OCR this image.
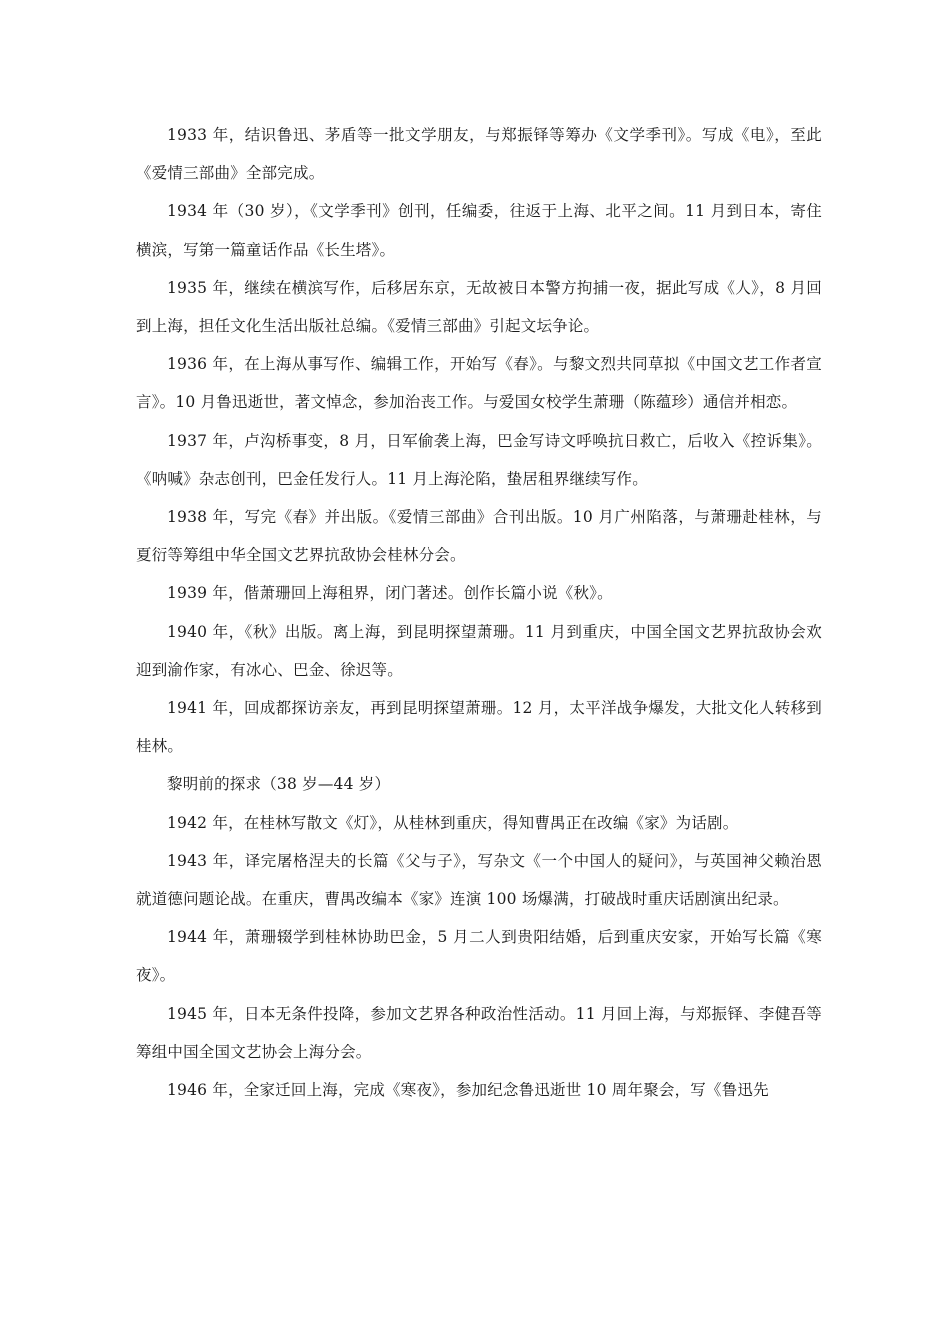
1933 年，结识鲁迅、茅盾等一批文学朋友，与郑振铎等筹办《文学季刊》。写成《电》，至此《爱情三部曲》全部完成。

1934 年（30 岁），《文学季刊》创刊，任编委，往返于上海、北平之间。11 月到日本，寄住横滨，写第一篇童话作品《长生塔》。

1935 年，继续在横滨写作，后移居东京，无故被日本警方拘捕一夜，据此写成《人》，8 月回到上海，担任文化生活出版社总编。《爱情三部曲》引起文坛争论。

1936 年，在上海从事写作、编辑工作，开始写《春》。与黎文烈共同草拟《中国文艺工作者宣言》。10 月鲁迅逝世，著文悼念，参加治丧工作。与爱国女校学生萧珊（陈蕴珍）通信并相恋。

1937 年，卢沟桥事变，8 月，日军偷袭上海，巴金写诗文呼唤抗日救亡，后收入《控诉集》。《呐喊》杂志创刊，巴金任发行人。11 月上海沦陷，蛰居租界继续写作。

1938 年，写完《春》并出版。《爱情三部曲》合刊出版。10 月广州陷落，与萧珊赴桂林，与夏衍等筹组中华全国文艺界抗敌协会桂林分会。

1939 年，偕萧珊回上海租界，闭门著述。创作长篇小说《秋》。

1940 年，《秋》出版。离上海，到昆明探望萧珊。11 月到重庆，中国全国文艺界抗敌协会欢迎到渝作家，有冰心、巴金、徐迟等。

1941 年，回成都探访亲友，再到昆明探望萧珊。12 月，太平洋战争爆发，大批文化人转移到桂林。

黎明前的探求（38 岁—44 岁）

1942 年，在桂林写散文《灯》，从桂林到重庆，得知曹禺正在改编《家》为话剧。

1943 年，译完屠格涅夫的长篇《父与子》，写杂文《一个中国人的疑问》，与英国神父赖治恩就道德问题论战。在重庆，曹禺改编本《家》连演 100 场爆满，打破战时重庆话剧演出纪录。

1944 年，萧珊辍学到桂林协助巴金，5 月二人到贵阳结婚，后到重庆安家，开始写长篇《寒夜》。

1945 年，日本无条件投降，参加文艺界各种政治性活动。11 月回上海，与郑振铎、李健吾等筹组中国全国文艺协会上海分会。

1946 年，全家迁回上海，完成《寒夜》，参加纪念鲁迅逝世 10 周年聚会，写《鲁迅先
